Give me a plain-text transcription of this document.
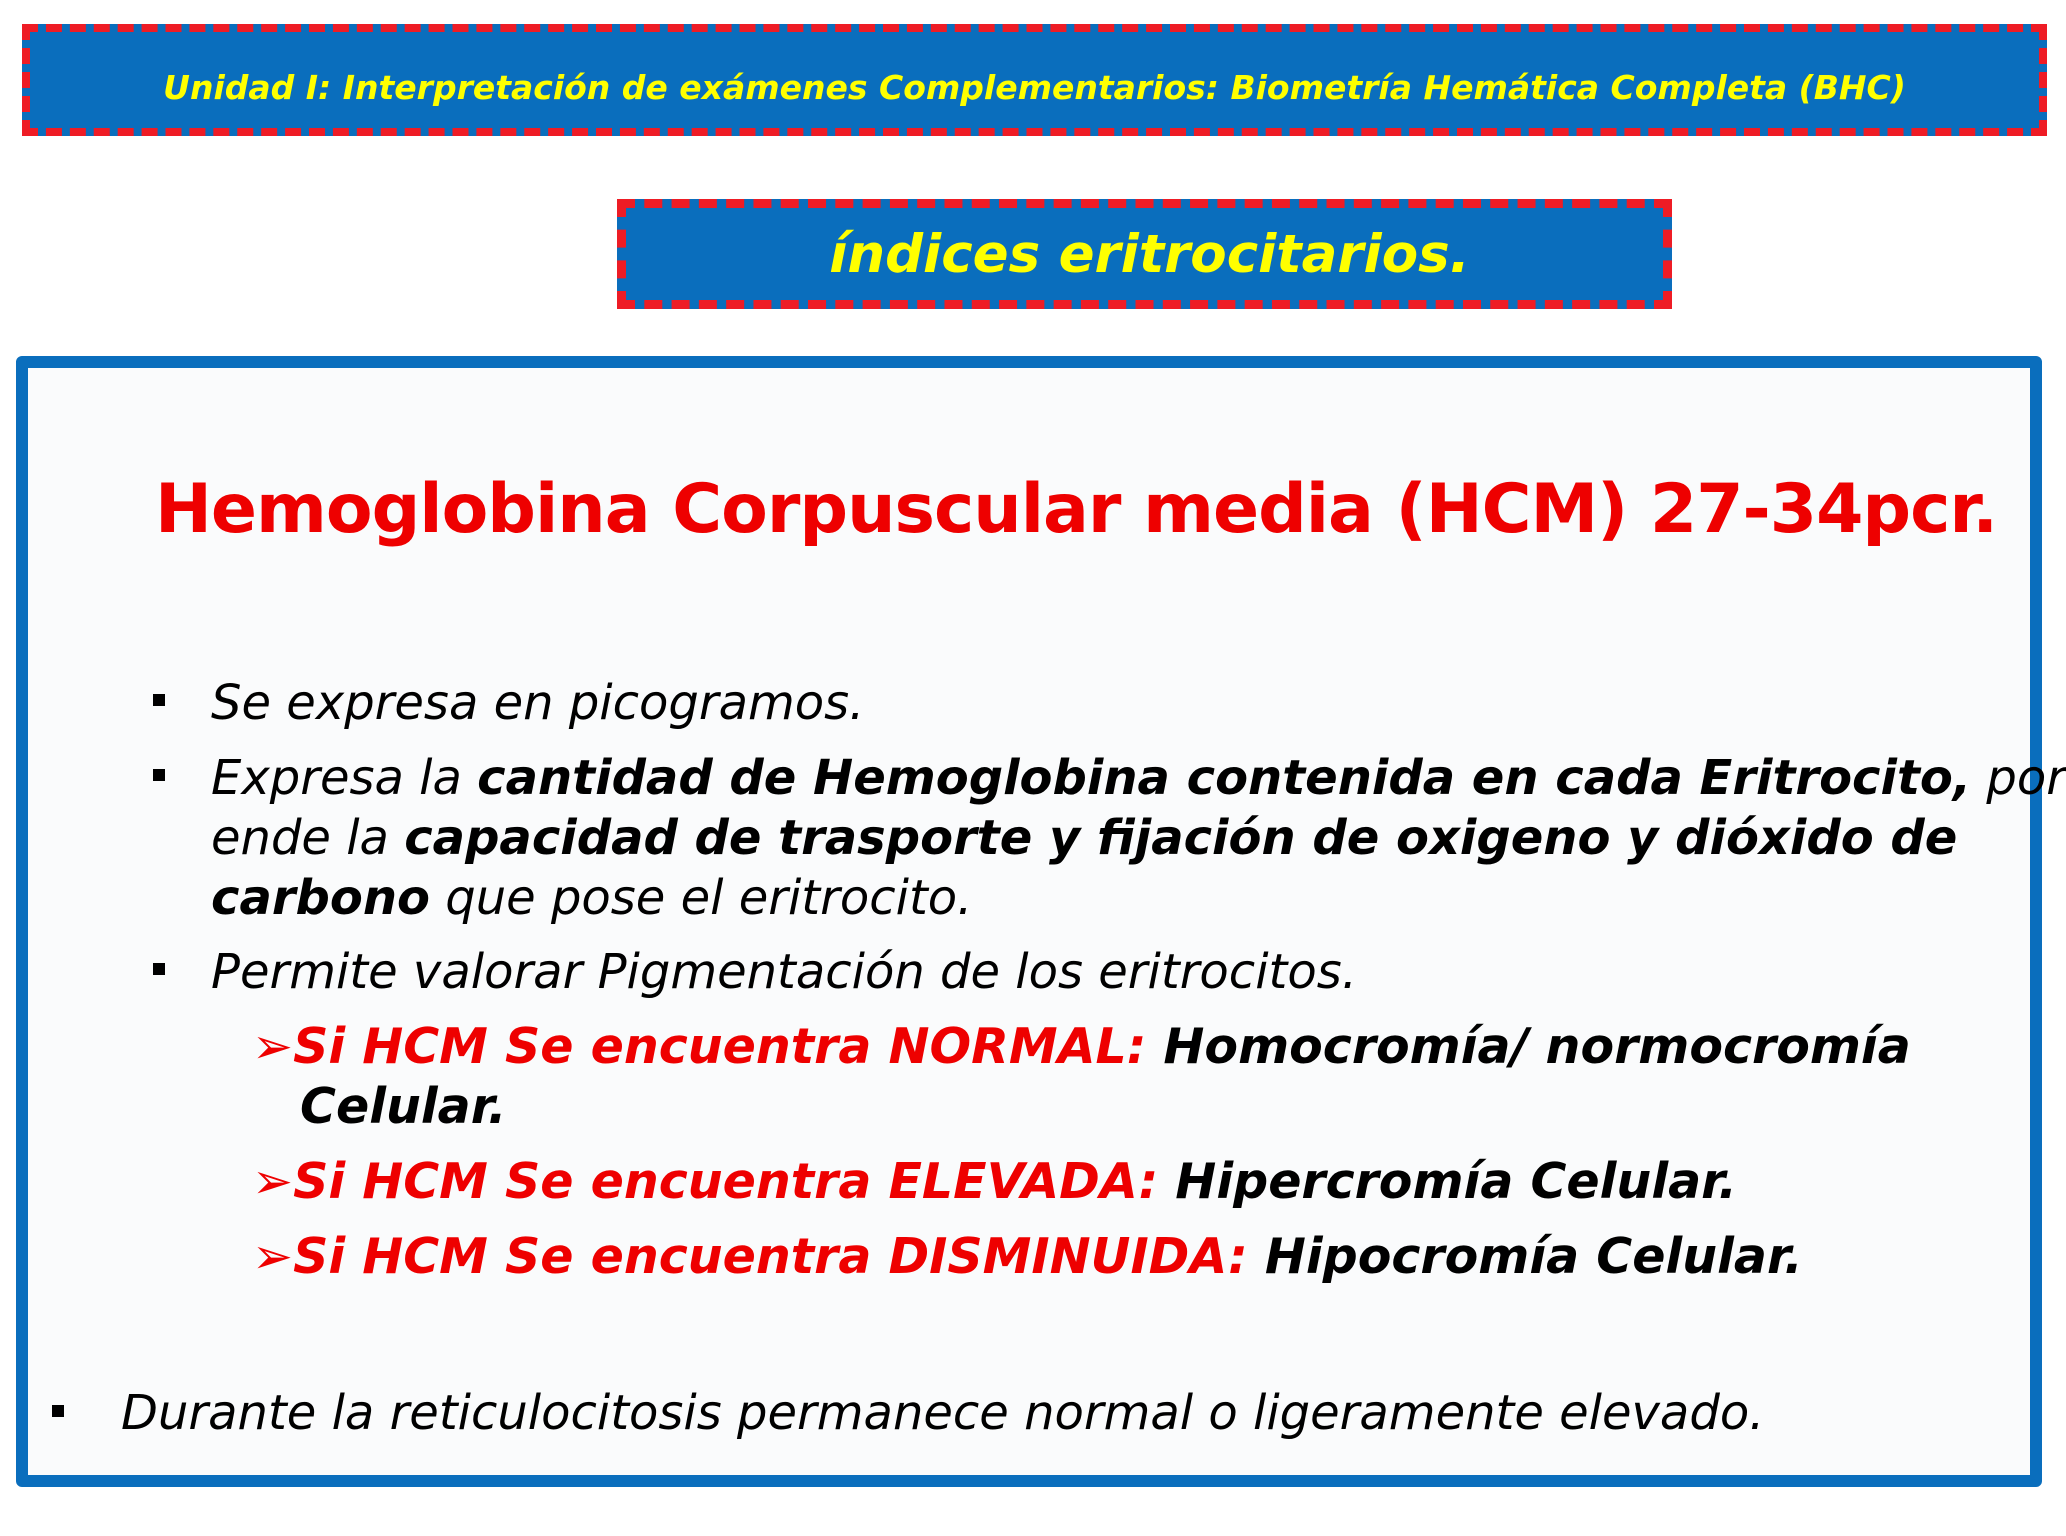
Unidad I: Interpretación de exámenes Complementarios: Biometría Hemática Completa (BHC)
índices eritrocitarios.
Hemoglobina Corpuscular media (HCM) 27-34pcr.
Se expresa en picogramos.
Expresa la cantidad de Hemoglobina contenida en cada Eritrocito, por
ende la capacidad de trasporte y fijación de oxigeno y dióxido de
carbono que pose el eritrocito.
Permite valorar Pigmentación de los eritrocitos.
➢Si HCM Se encuentra NORMAL: Homocromía/ normocromía
Celular.
➢Si HCM Se encuentra ELEVADA: Hipercromía Celular.
➢Si HCM Se encuentra DISMINUIDA: Hipocromía Celular.
Durante la reticulocitosis permanece normal o ligeramente elevado.
